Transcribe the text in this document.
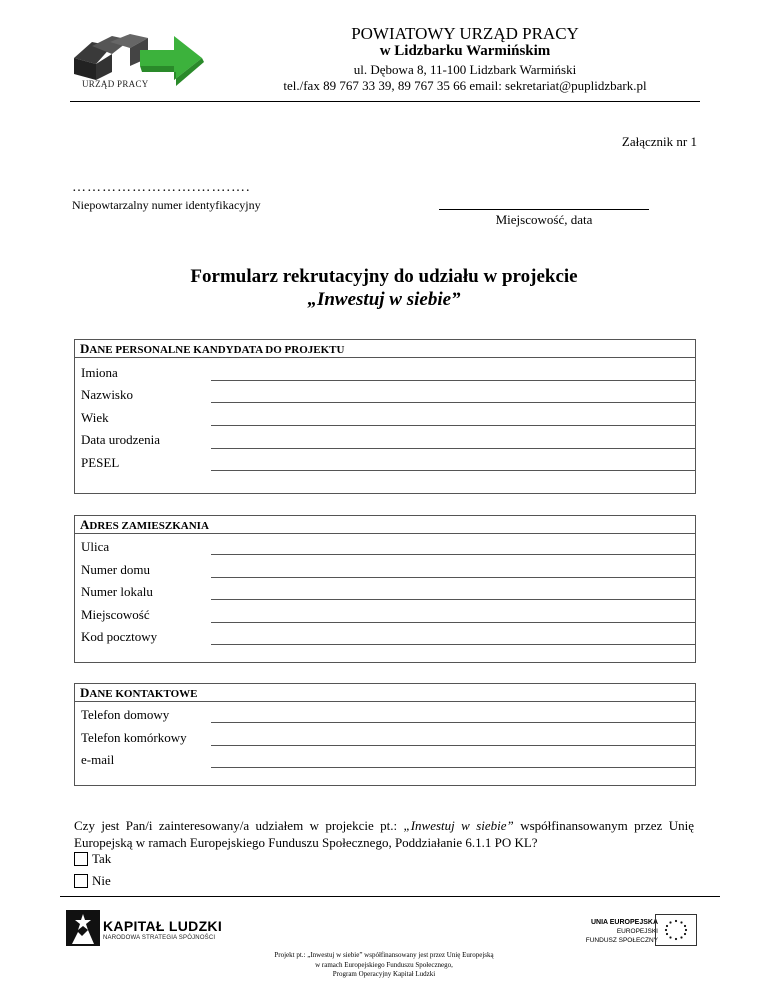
URZĄD PRACY
POWIATOWY URZĄD PRACY
w Lidzbarku Warmińskim
ul. Dębowa 8, 11-100 Lidzbark Warmiński
tel./fax 89 767 33 39, 89 767 35 66 email: sekretariat@puplidzbark.pl
Załącznik nr 1
…………………….…….….
Niepowtarzalny numer identyfikacyjny
Miejscowość, data
Formularz rekrutacyjny do udziału w projekcie
„Inwestuj w siebie”
DANE PERSONALNE KANDYDATA DO PROJEKTU
Imiona
Nazwisko
Wiek
Data urodzenia
PESEL
ADRES ZAMIESZKANIA
Ulica
Numer domu
Numer lokalu
Miejscowość
Kod pocztowy
DANE KONTAKTOWE
Telefon domowy
Telefon komórkowy
e-mail
Czy jest Pan/i zainteresowany/a udziałem w projekcie pt.: „Inwestuj w siebie” współfinansowanym przez Unię Europejską w ramach Europejskiego Funduszu Społecznego, Poddziałanie 6.1.1 PO KL?
Tak
Nie
KAPITAŁ LUDZKI
NARODOWA STRATEGIA SPÓJNOŚCI
UNIA EUROPEJSKA
EUROPEJSKI
FUNDUSZ SPOŁECZNY
Projekt pt.: „Inwestuj w siebie” współfinansowany jest przez Unię Europejską
w ramach Europejskiego Funduszu Społecznego,
Program Operacyjny Kapitał Ludzki
